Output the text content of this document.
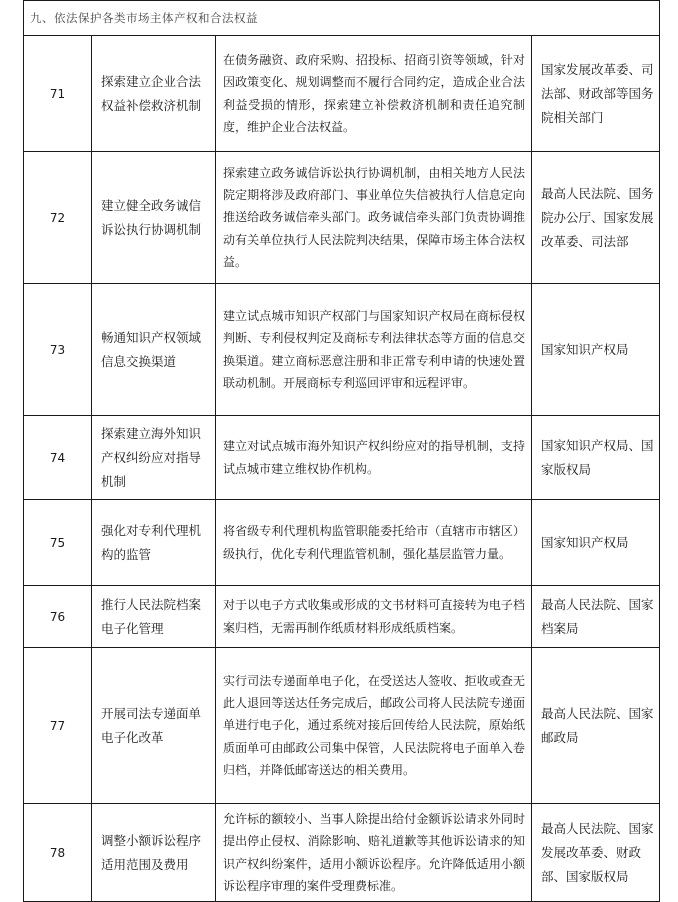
九、依法保护各类市场主体产权和合法权益			
71	探索建立企业合法权益补偿救济机制	在债务融资、政府采购、招投标、招商引资等领域，针对因政策变化、规划调整而不履行合同约定，造成企业合法利益受损的情形，探索建立补偿救济机制和责任追究制度，维护企业合法权益。	国家发展改革委、司法部、财政部等国务院相关部门
72	建立健全政务诚信诉讼执行协调机制	探索建立政务诚信诉讼执行协调机制，由相关地方人民法院定期将涉及政府部门、事业单位失信被执行人信息定向推送给政务诚信牵头部门。政务诚信牵头部门负责协调推动有关单位执行人民法院判决结果，保障市场主体合法权益。	最高人民法院、国务院办公厅、国家发展改革委、司法部
73	畅通知识产权领域信息交换渠道	建立试点城市知识产权部门与国家知识产权局在商标侵权判断、专利侵权判定及商标专利法律状态等方面的信息交换渠道。建立商标恶意注册和非正常专利申请的快速处置联动机制。开展商标专利巡回评审和远程评审。	国家知识产权局
74	探索建立海外知识产权纠纷应对指导机制	建立对试点城市海外知识产权纠纷应对的指导机制，支持试点城市建立维权协作机构。	国家知识产权局、国家版权局
75	强化对专利代理机构的监管	将省级专利代理机构监管职能委托给市（直辖市市辖区）级执行，优化专利代理监管机制，强化基层监管力量。	国家知识产权局
76	推行人民法院档案电子化管理	对于以电子方式收集或形成的文书材料可直接转为电子档案归档，无需再制作纸质材料形成纸质档案。	最高人民法院、国家档案局
77	开展司法专递面单电子化改革	实行司法专递面单电子化，在受送达人签收、拒收或查无此人退回等送达任务完成后，邮政公司将人民法院专递面单进行电子化，通过系统对接后回传给人民法院，原始纸质面单可由邮政公司集中保管，人民法院将电子面单入卷归档，并降低邮寄送达的相关费用。	最高人民法院、国家邮政局
78	调整小额诉讼程序适用范围及费用	允许标的额较小、当事人除提出给付金额诉讼请求外同时提出停止侵权、消除影响、赔礼道歉等其他诉讼请求的知识产权纠纷案件，适用小额诉讼程序。允许降低适用小额诉讼程序审理的案件受理费标准。	最高人民法院、国家发展改革委、财政部、国家版权局
